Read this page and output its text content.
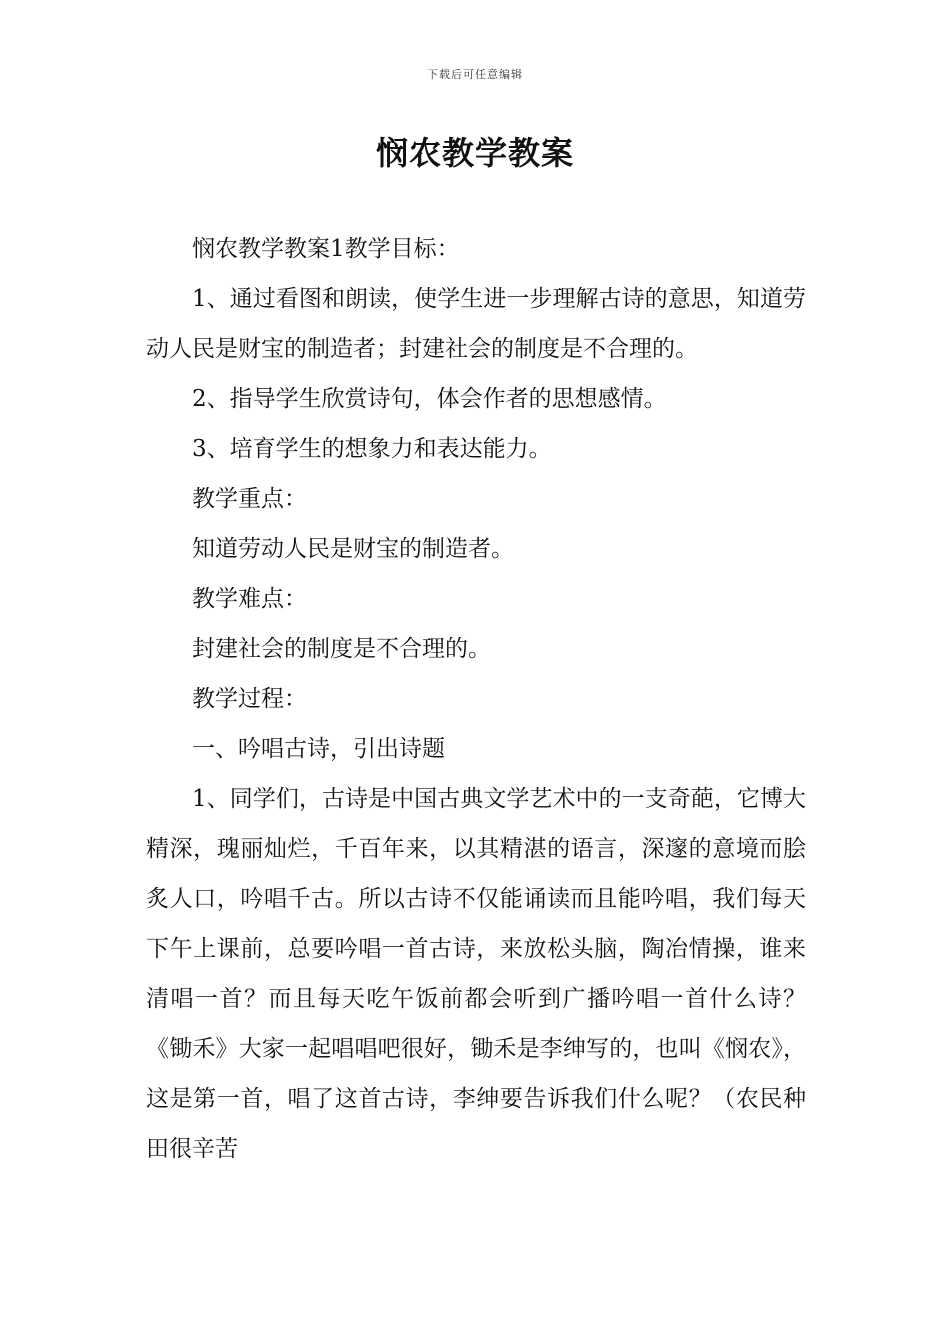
下载后可任意编辑
悯农教学教案

悯农教学教案1教学目标：

1、通过看图和朗读，使学生进一步理解古诗的意思，知道劳动人民是财宝的制造者；封建社会的制度是不合理的。

2、指导学生欣赏诗句，体会作者的思想感情。

3、培育学生的想象力和表达能力。

教学重点：

知道劳动人民是财宝的制造者。

教学难点：

封建社会的制度是不合理的。

教学过程：

一、吟唱古诗，引出诗题

1、同学们，古诗是中国古典文学艺术中的一支奇葩，它博大精深，瑰丽灿烂，千百年来，以其精湛的语言，深邃的意境而脍炙人口，吟唱千古。所以古诗不仅能诵读而且能吟唱，我们每天下午上课前，总要吟唱一首古诗，来放松头脑，陶冶情操，谁来清唱一首？而且每天吃午饭前都会听到广播吟唱一首什么诗？《锄禾》大家一起唱唱吧很好，锄禾是李绅写的，也叫《悯农》，这是第一首，唱了这首古诗，李绅要告诉我们什么呢？（农民种田很辛苦
